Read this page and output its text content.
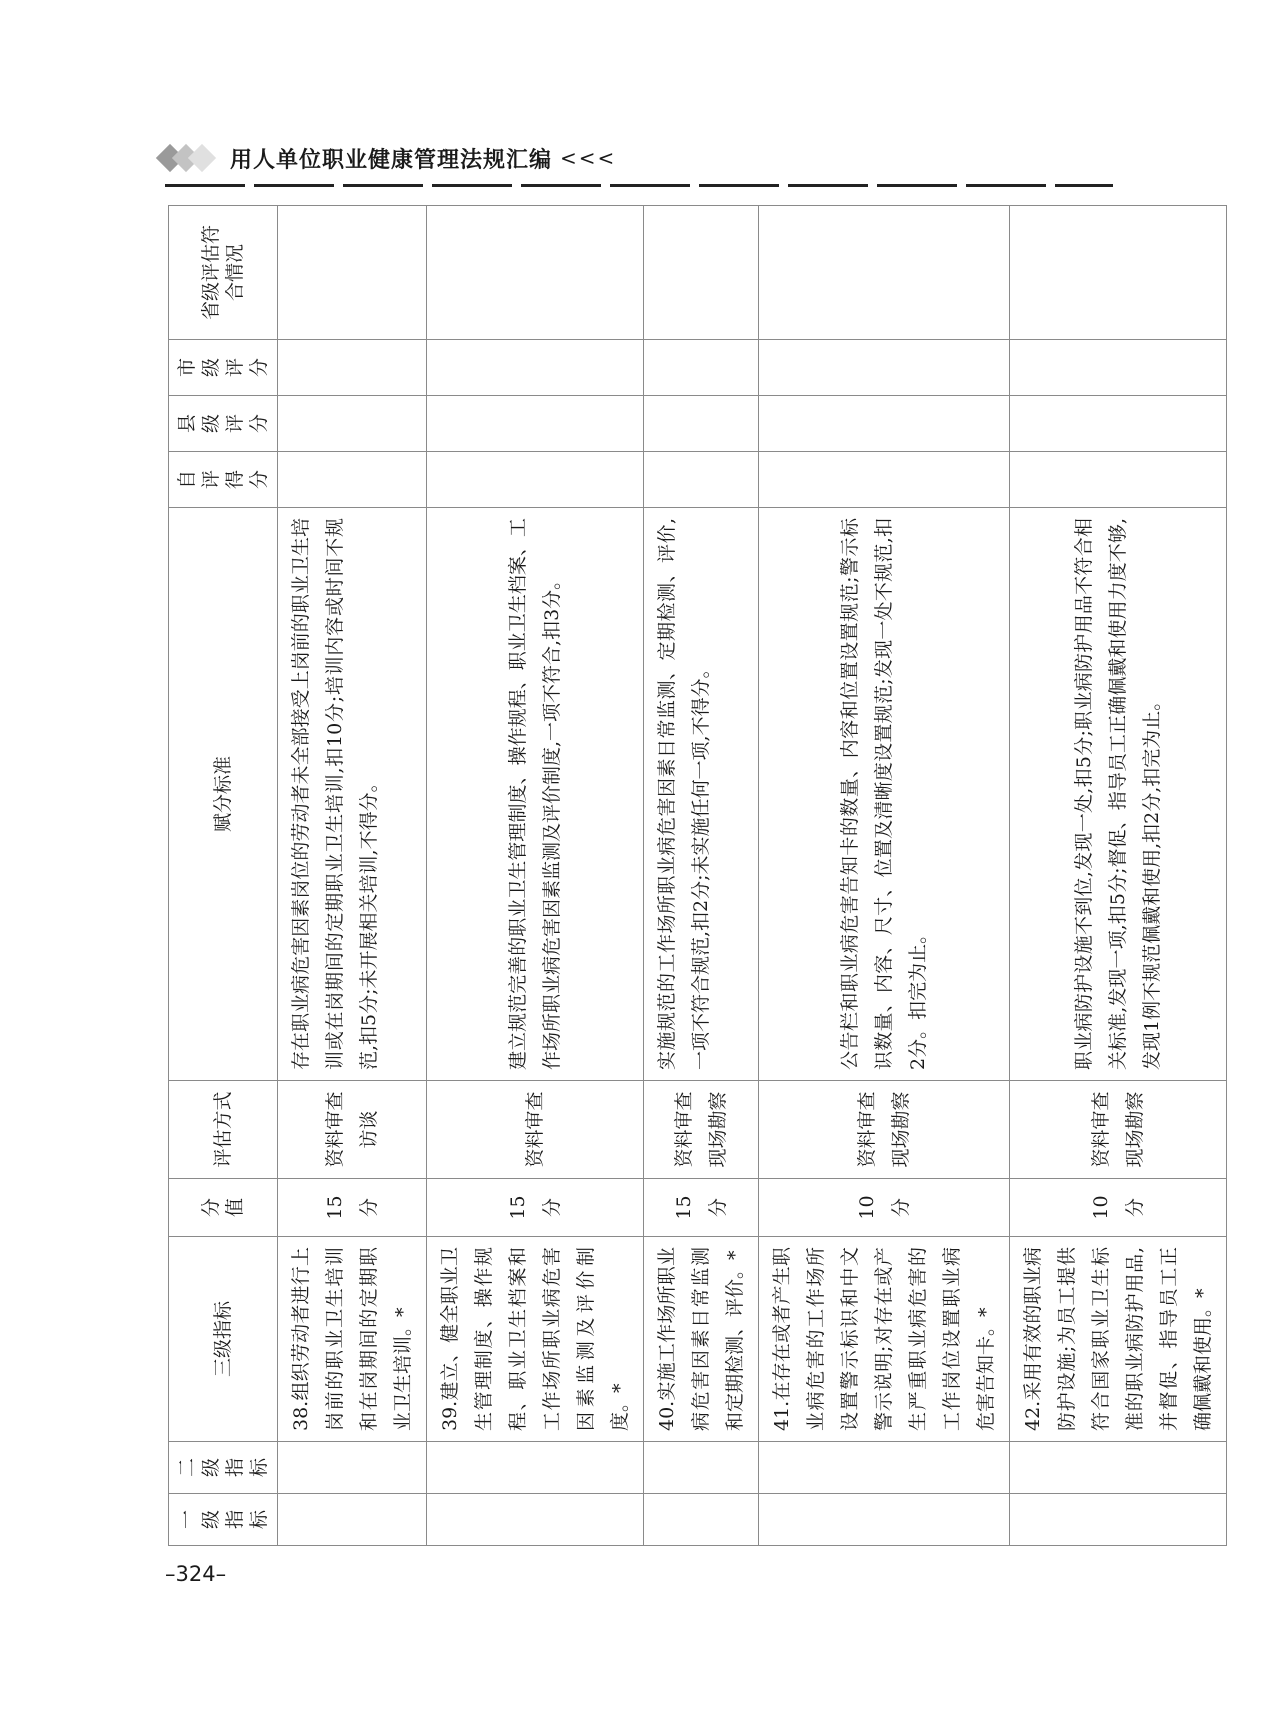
用人单位职业健康管理法规汇编 <<<
一级指标	二级指标	三级指标	分值	评估方式	赋分标准	自评得分	县级评分	市级评分	省级评估符合情况
		38.组织劳动者进行上岗前的职业卫生培训和在岗期间的定期职业卫生培训。*	15分	资料审查访谈	存在职业病危害因素岗位的劳动者未全部接受上岗前的职业卫生培训或在岗期间的定期职业卫生培训,扣10分;培训内容或时间不规范,扣5分;未开展相关培训,不得分。				
		39.建立、健全职业卫生管理制度、操作规程、职业卫生档案和工作场所职业病危害因素监测及评价制度。*	15分	资料审查	建立规范完善的职业卫生管理制度、操作规程、职业卫生档案、工作场所职业病危害因素监测及评价制度,一项不符合,扣3分。				
		40.实施工作场所职业病危害因素日常监测和定期检测、评价。*	15分	资料审查现场勘察	实施规范的工作场所职业病危害因素日常监测、定期检测、评价,一项不符合规范,扣2分;未实施任何一项,不得分。				
		41.在存在或者产生职业病危害的工作场所设置警示标识和中文警示说明;对存在或产生严重职业病危害的工作岗位设置职业病危害告知卡。*	10分	资料审查现场勘察	公告栏和职业病危害告知卡的数量、内容和位置设置规范;警示标识数量、内容、尺寸、位置及清晰度设置规范;发现一处不规范,扣2分。扣完为止。				
		42.采用有效的职业病防护设施;为员工提供符合国家职业卫生标准的职业病防护用品,并督促、指导员工正确佩戴和使用。*	10分	资料审查现场勘察	职业病防护设施不到位,发现一处,扣5分;职业病防护用品不符合相关标准,发现一项,扣5分;督促、指导员工正确佩戴和使用力度不够,发现1例不规范佩戴和使用,扣2分,扣完为止。				
–324–
